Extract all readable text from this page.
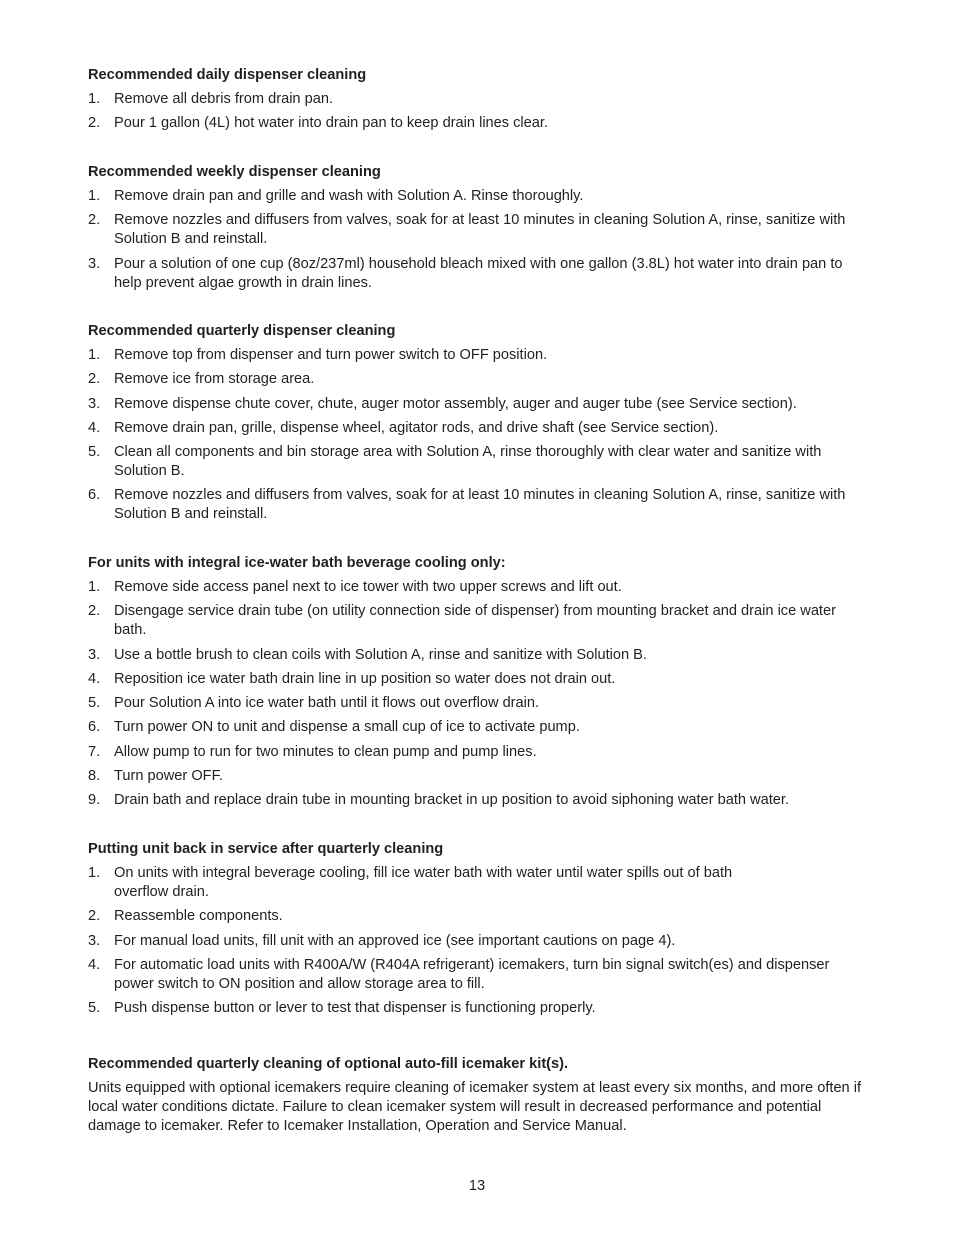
Recommended daily dispenser cleaning
1. Remove all debris from drain pan.
2. Pour 1 gallon (4L) hot water into drain pan to keep drain lines clear.
Recommended weekly dispenser cleaning
1. Remove drain pan and grille and wash with Solution A. Rinse thoroughly.
2. Remove nozzles and diffusers from valves, soak for at least 10 minutes in cleaning Solution A, rinse, sanitize with Solution B and reinstall.
3. Pour a solution of one cup (8oz/237ml) household bleach mixed with one gallon (3.8L) hot water into drain pan to help prevent algae growth in drain lines.
Recommended quarterly dispenser cleaning
1. Remove top from dispenser and turn power switch to OFF position.
2. Remove ice from storage area.
3. Remove dispense chute cover, chute, auger motor assembly, auger and auger tube (see Service section).
4. Remove drain pan, grille, dispense wheel, agitator rods, and drive shaft (see Service section).
5. Clean all components and bin storage area with Solution A, rinse thoroughly with clear water and sanitize with Solution B.
6. Remove nozzles and diffusers from valves, soak for at least 10 minutes in cleaning Solution A, rinse, sanitize with Solution B and reinstall.
For units with integral ice-water bath beverage cooling only:
1. Remove side access panel next to ice tower with two upper screws and lift out.
2. Disengage service drain tube (on utility connection side of dispenser) from mounting bracket and drain ice water bath.
3. Use a bottle brush to clean coils with Solution A, rinse and sanitize with Solution B.
4. Reposition ice water bath drain line in up position so water does not drain out.
5. Pour Solution A into ice water bath until it flows out overflow drain.
6. Turn power ON to unit and dispense a small cup of ice to activate pump.
7. Allow pump to run for two minutes to clean pump and pump lines.
8. Turn power OFF.
9. Drain bath and replace drain tube in mounting bracket in up position to avoid siphoning water bath water.
Putting unit back in service after quarterly cleaning
1. On units with integral beverage cooling, fill ice water bath with water until water spills out of bath overflow drain.
2. Reassemble components.
3. For manual load units, fill unit with an approved ice (see important cautions on page 4).
4. For automatic load units with R400A/W (R404A refrigerant) icemakers, turn bin signal switch(es) and dispenser power switch to ON position and allow storage area to fill.
5. Push dispense button or lever to test that dispenser is functioning properly.
Recommended quarterly cleaning of optional auto-fill icemaker kit(s).

Units equipped with optional icemakers require cleaning of icemaker system at least every six months, and more often if local water conditions dictate. Failure to clean icemaker system will result in decreased performance and potential damage to icemaker. Refer to Icemaker Installation, Operation and Service Manual.

13
